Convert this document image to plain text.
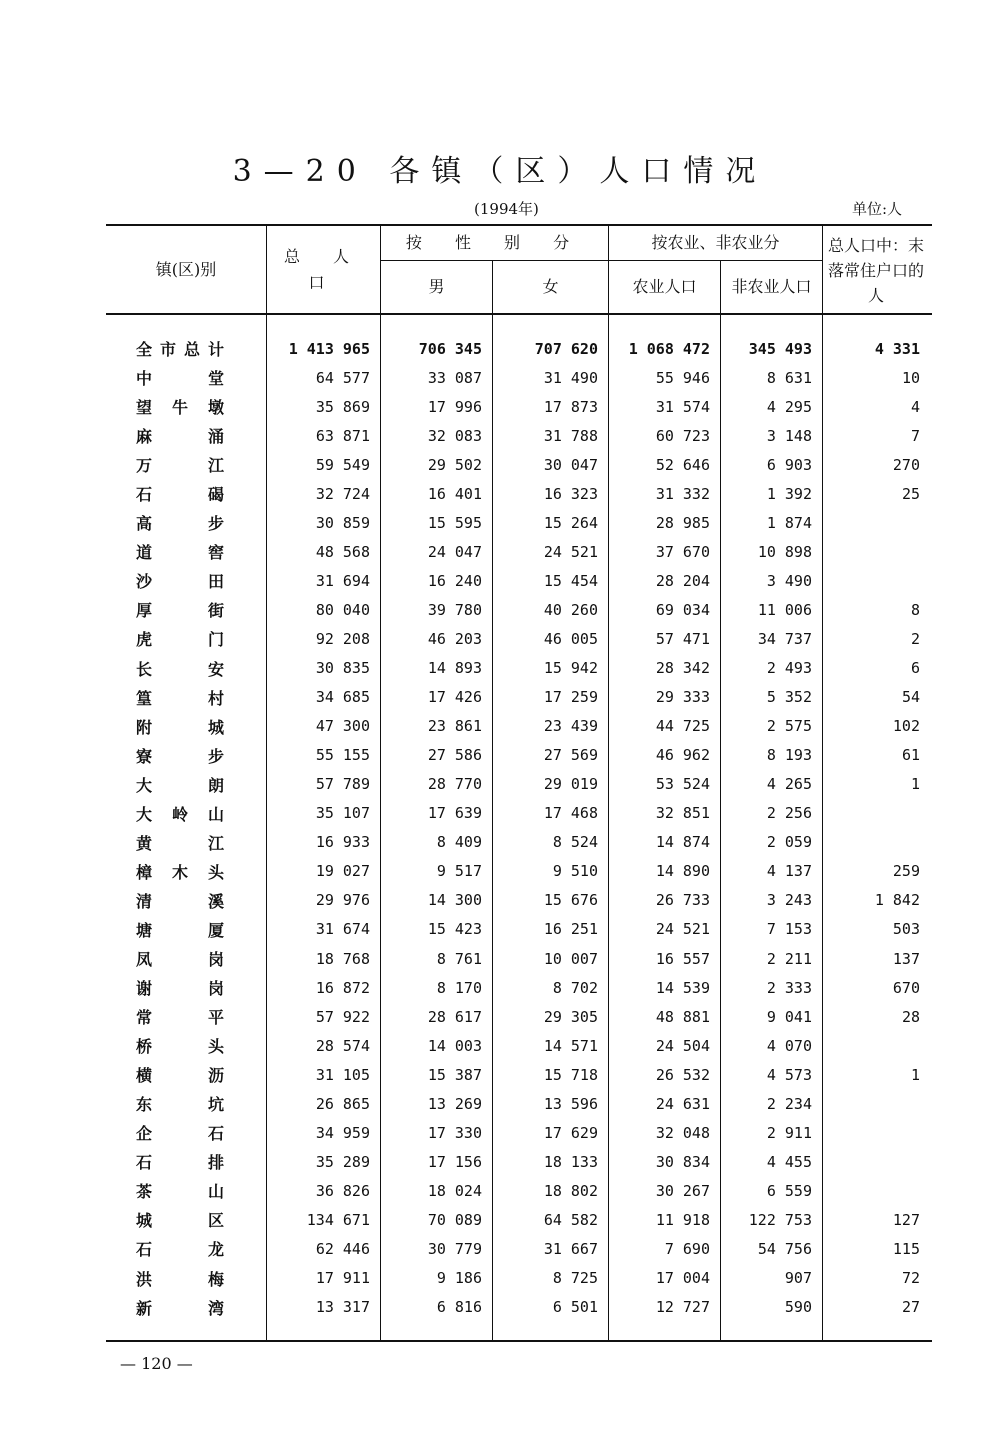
3—20 各镇（区）人口情况
(1994年)	单位:人
镇(区)别
总 人 口
按 性 别 分
男	女
按农业、非农业分
农业人口	非农业人口
总人口中：末落常住户口的人
全 市 总 计	1 413 965	706 345	707 620	1 068 472	345 493	4 331

中 堂	64 577	33 087	31 490	55 946	8 631	10

望 牛 墩	35 869	17 996	17 873	31 574	4 295	4

麻 涌	63 871	32 083	31 788	60 723	3 148	7

万 江	59 549	29 502	30 047	52 646	6 903	270

石 碣	32 724	16 401	16 323	31 332	1 392	25

高 步	30 859	15 595	15 264	28 985	1 874	

道 窖	48 568	24 047	24 521	37 670	10 898	

沙 田	31 694	16 240	15 454	28 204	3 490	

厚 街	80 040	39 780	40 260	69 034	11 006	8

虎 门	92 208	46 203	46 005	57 471	34 737	2

长 安	30 835	14 893	15 942	28 342	2 493	6

篁 村	34 685	17 426	17 259	29 333	5 352	54

附 城	47 300	23 861	23 439	44 725	2 575	102

寮 步	55 155	27 586	27 569	46 962	8 193	61

大 朗	57 789	28 770	29 019	53 524	4 265	1

大 岭 山	35 107	17 639	17 468	32 851	2 256	

黄 江	16 933	8 409	8 524	14 874	2 059	

樟 木 头	19 027	9 517	9 510	14 890	4 137	259

清 溪	29 976	14 300	15 676	26 733	3 243	1 842

塘 厦	31 674	15 423	16 251	24 521	7 153	503

凤 岗	18 768	8 761	10 007	16 557	2 211	137

谢 岗	16 872	8 170	8 702	14 539	2 333	670

常 平	57 922	28 617	29 305	48 881	9 041	28

桥 头	28 574	14 003	14 571	24 504	4 070	

横 沥	31 105	15 387	15 718	26 532	4 573	1

东 坑	26 865	13 269	13 596	24 631	2 234	

企 石	34 959	17 330	17 629	32 048	2 911	

石 排	35 289	17 156	18 133	30 834	4 455	

茶 山	36 826	18 024	18 802	30 267	6 559	

城 区	134 671	70 089	64 582	11 918	122 753	127

石 龙	62 446	30 779	31 667	7 690	54 756	115

洪 梅	17 911	9 186	8 725	17 004	907	72

新 湾	13 317	6 816	6 501	12 727	590	27
— 120 —
